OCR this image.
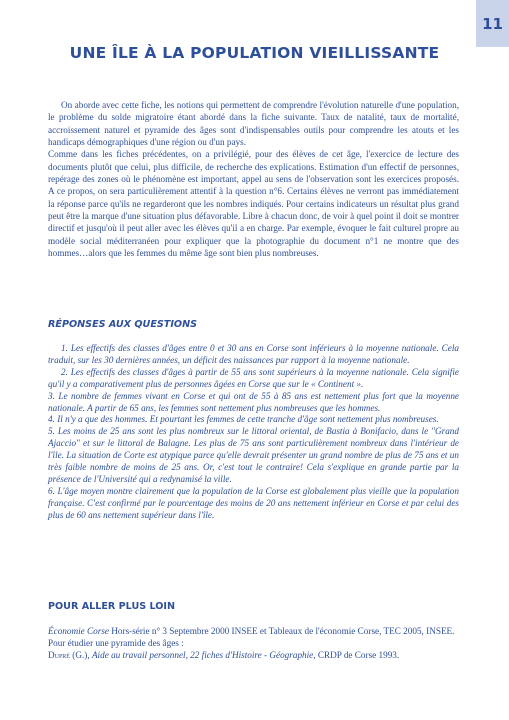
11
UNE ÎLE À LA POPULATION VIEILLISSANTE

On aborde avec cette fiche, les notions qui permettent de comprendre l'évolution naturelle d'une population, le problème du solde migratoire étant abordé dans la fiche suivante. Taux de natalité, taux de mortalité, accroissement naturel et pyramide des âges sont d'indispensables outils pour comprendre les atouts et les handicaps démographiques d'une région ou d'un pays.

Comme dans les fiches précédentes, on a privilégié, pour des élèves de cet âge, l'exercice de lecture des documents plutôt que celui, plus difficile, de recherche des explications. Estimation d'un effectif de personnes, repérage des zones où le phénomène est important, appel au sens de l'observation sont les exercices proposés. A ce propos, on sera particulièrement attentif à la question n°6. Certains élèves ne verront pas immédiatement la réponse parce qu'ils ne regarderont que les nombres indiqués. Pour certains indicateurs un résultat plus grand peut être la marque d'une situation plus défavorable. Libre à chacun donc, de voir à quel point il doit se montrer directif et jusqu'où il peut aller avec les élèves qu'il a en charge. Par exemple, évoquer le fait culturel propre au modèle social méditerranéen pour expliquer que la photographie du document n°1 ne montre que des hommes…alors que les femmes du même âge sont bien plus nombreuses.

RÉPONSES AUX QUESTIONS

1. Les effectifs des classes d'âges entre 0 et 30 ans en Corse sont inférieurs à la moyenne nationale. Cela traduit, sur les 30 dernières années, un déficit des naissances par rapport à la moyenne nationale.

2. Les effectifs des classes d'âges à partir de 55 ans sont supérieurs à la moyenne nationale. Cela signifie qu'il y a comparativement plus de personnes âgées en Corse que sur le « Continent ».

3. Le nombre de femmes vivant en Corse et qui ont de 55 à 85 ans est nettement plus fort que la moyenne nationale. A partir de 65 ans, les femmes sont nettement plus nombreuses que les hommes.

4. Il n'y a que des hommes. Et pourtant les femmes de cette tranche d'âge sont nettement plus nombreuses.

5. Les moins de 25 ans sont les plus nombreux sur le littoral oriental, de Bastia à Bonifacio, dans le "Grand Ajaccio" et sur le littoral de Balagne. Les plus de 75 ans sont particulièrement nombreux dans l'intérieur de l'île. La situation de Corte est atypique parce qu'elle devrait présenter un grand nombre de plus de 75 ans et un très faible nombre de moins de 25 ans. Or, c'est tout le contraire! Cela s'explique en grande partie par la présence de l'Université qui a redynamisé la ville.

6. L'âge moyen montre clairement que la population de la Corse est globalement plus vieille que la population française. C'est confirmé par le pourcentage des moins de 20 ans nettement inférieur en Corse et par celui des plus de 60 ans nettement supérieur dans l'île.

POUR ALLER PLUS LOIN

Économie Corse Hors-série n° 3 Septembre 2000 INSEE et Tableaux de l'économie Corse, TEC 2005, INSEE.

Pour étudier une pyramide des âges :

Dupré (G.), Aide au travail personnel, 22 fiches d'Histoire - Géographie, CRDP de Corse 1993.
